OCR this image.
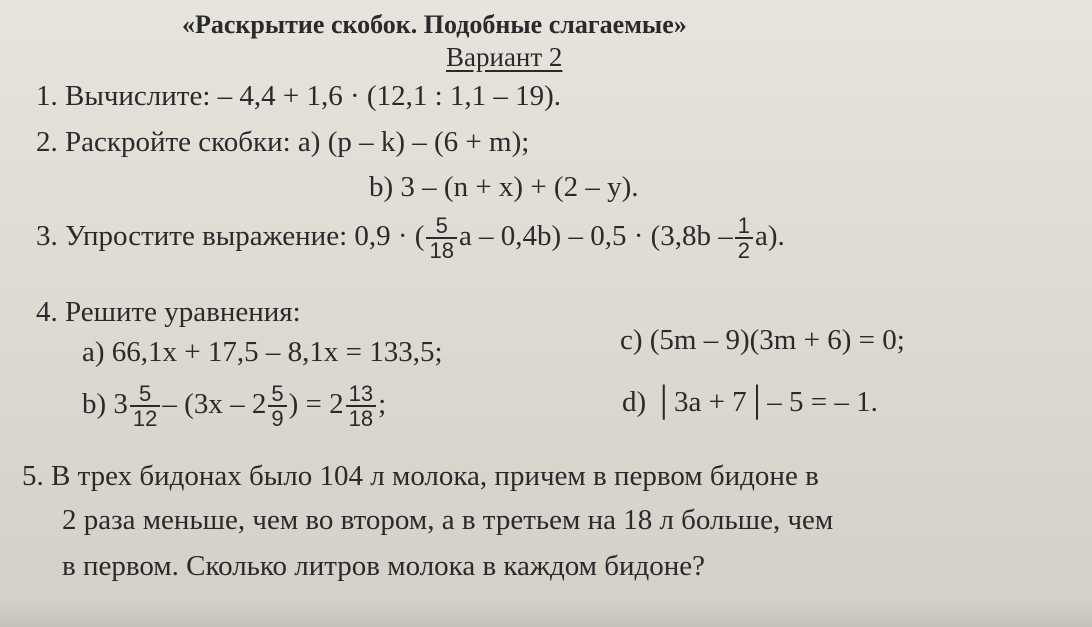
«Раскрытие скобок. Подобные слагаемые»
Вариант 2
1. Вычислите: – 4,4 + 1,6 · (12,1 : 1,1 – 19).
2. Раскройте скобки: a) (p – k) – (6 + m);
b) 3 – (n + x) + (2 – y).
3. Упростите выражение: 0,9 · ( $\frac{5}{18}$ $a - 0,4b) - 0,5 \cdot (3,8b - \frac{1}{2} a)$.
4. Решите уравнения:
a) 66,1x + 17,5 – 8,1x = 133,5;	c) (5m – 9)(3m + 6) = 0;
b) $3 \frac{5}{12} - (3x - 2 \frac{5}{9}$ ) = $2 \frac{13}{18}$ ;	d) │3a + 7│– 5 = – 1.
5. В трех бидонах было 104 л молока, причем в первом бидоне в
2 раза меньше, чем во втором, а в третьем на 18 л больше, чем
в первом. Сколько литров молока в каждом бидоне?
